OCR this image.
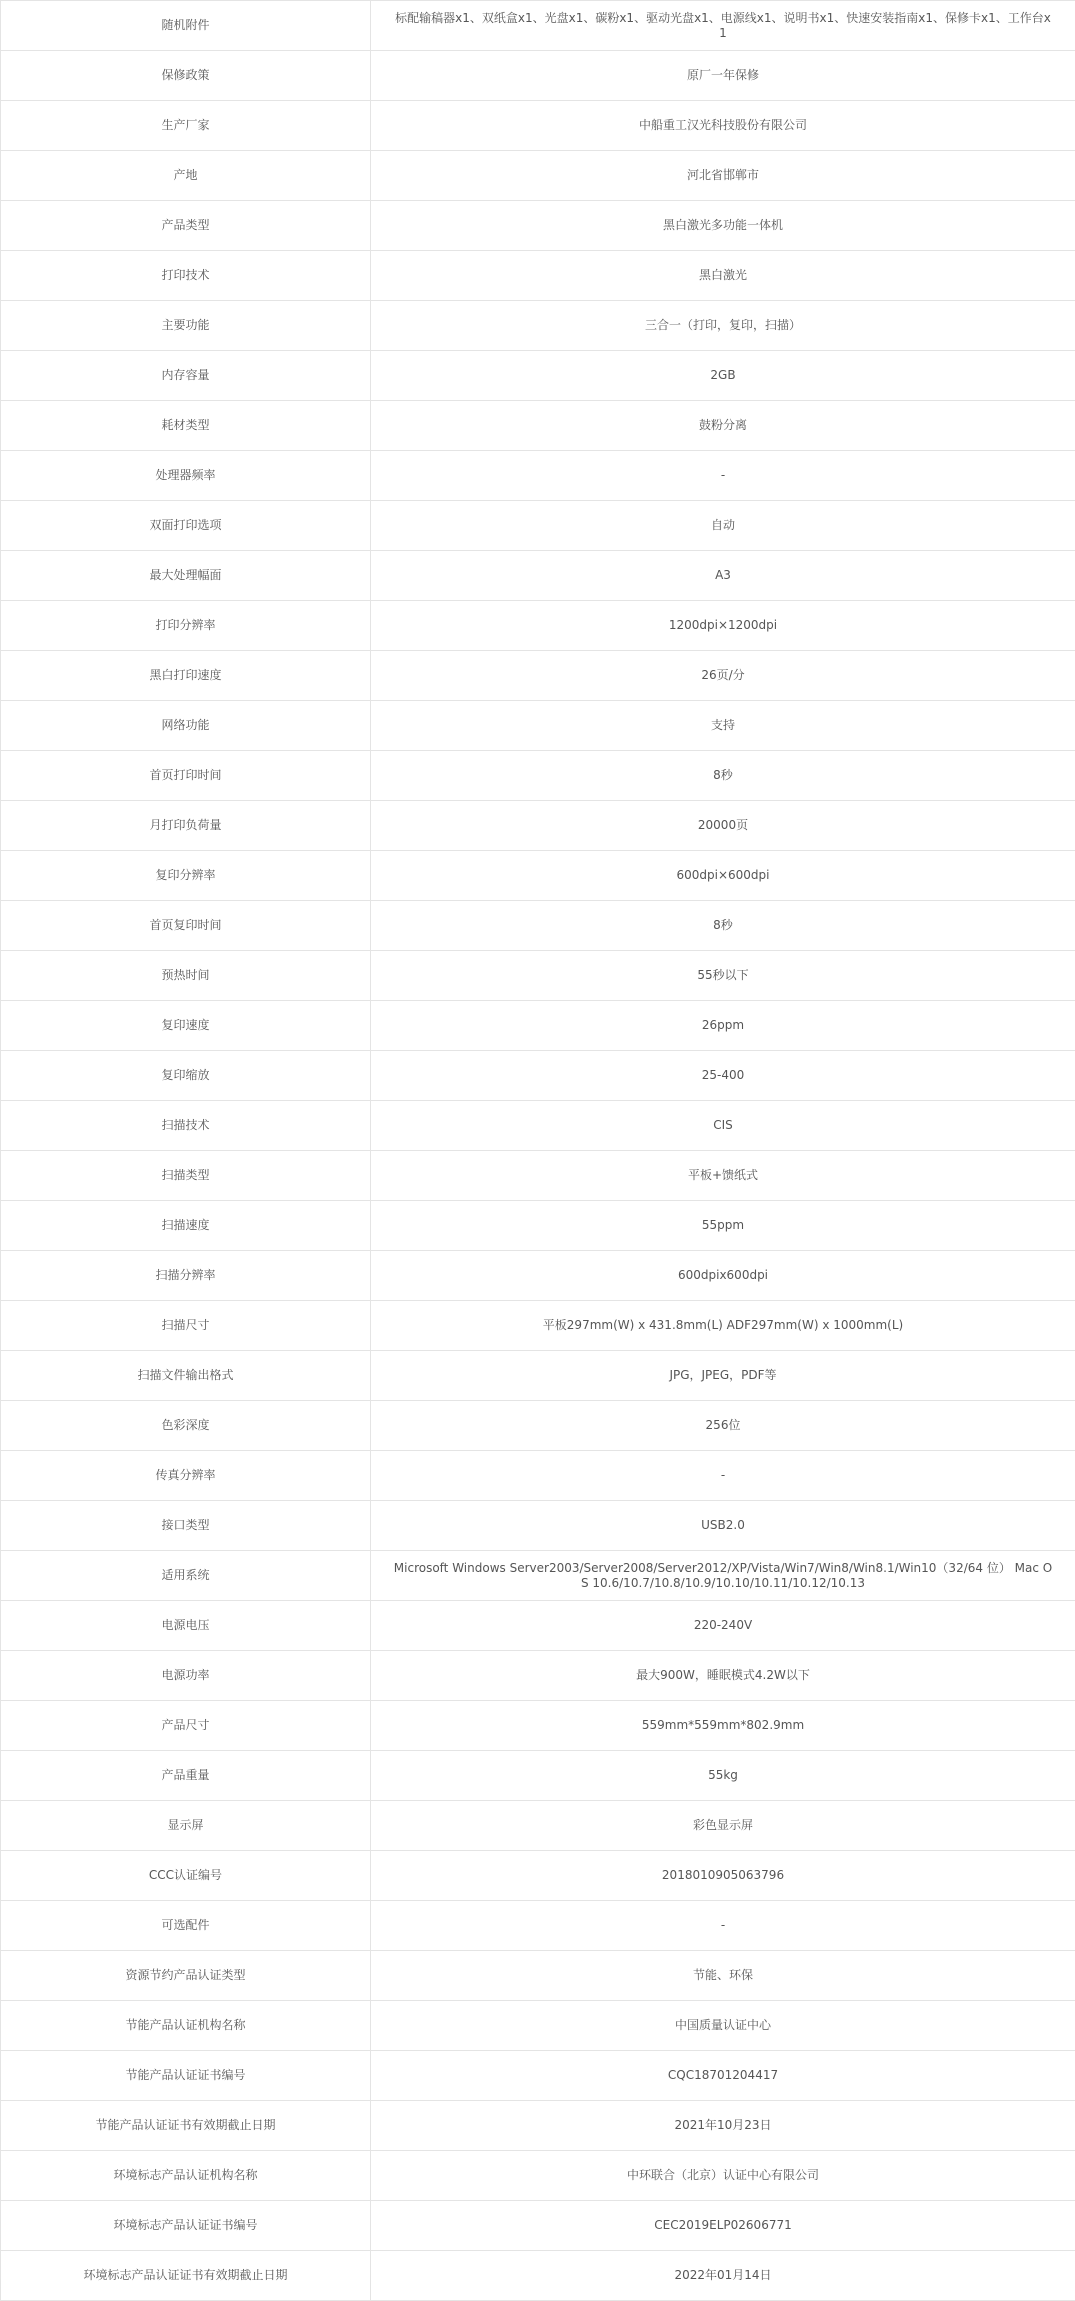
随机附件	标配输稿器x1、双纸盒x1、光盘x1、碳粉x1、驱动光盘x1、电源线x1、说明书x1、快速安装指南x1、保修卡x1、工作台x1
保修政策	原厂一年保修
生产厂家	中船重工汉光科技股份有限公司
产地	河北省邯郸市
产品类型	黑白激光多功能一体机
打印技术	黑白激光
主要功能	三合一（打印，复印，扫描）
内存容量	2GB
耗材类型	鼓粉分离
处理器频率	-
双面打印选项	自动
最大处理幅面	A3
打印分辨率	1200dpi×1200dpi
黑白打印速度	26页/分
网络功能	支持
首页打印时间	8秒
月打印负荷量	20000页
复印分辨率	600dpi×600dpi
首页复印时间	8秒
预热时间	55秒以下
复印速度	26ppm
复印缩放	25-400
扫描技术	CIS
扫描类型	平板+馈纸式
扫描速度	55ppm
扫描分辨率	600dpix600dpi
扫描尺寸	平板297mm(W) x 431.8mm(L) ADF297mm(W) x 1000mm(L)
扫描文件输出格式	JPG，JPEG，PDF等
色彩深度	256位
传真分辨率	-
接口类型	USB2.0
适用系统	Microsoft Windows Server2003/Server2008/Server2012/XP/Vista/Win7/Win8/Win8.1/Win10（32/64 位） Mac OS 10.6/10.7/10.8/10.9/10.10/10.11/10.12/10.13
电源电压	220-240V
电源功率	最大900W，睡眠模式4.2W以下
产品尺寸	559mm*559mm*802.9mm
产品重量	55kg
显示屏	彩色显示屏
CCC认证编号	2018010905063796
可选配件	-
资源节约产品认证类型	节能、环保
节能产品认证机构名称	中国质量认证中心
节能产品认证证书编号	CQC18701204417
节能产品认证证书有效期截止日期	2021年10月23日
环境标志产品认证机构名称	中环联合（北京）认证中心有限公司
环境标志产品认证证书编号	CEC2019ELP02606771
环境标志产品认证证书有效期截止日期	2022年01月14日
